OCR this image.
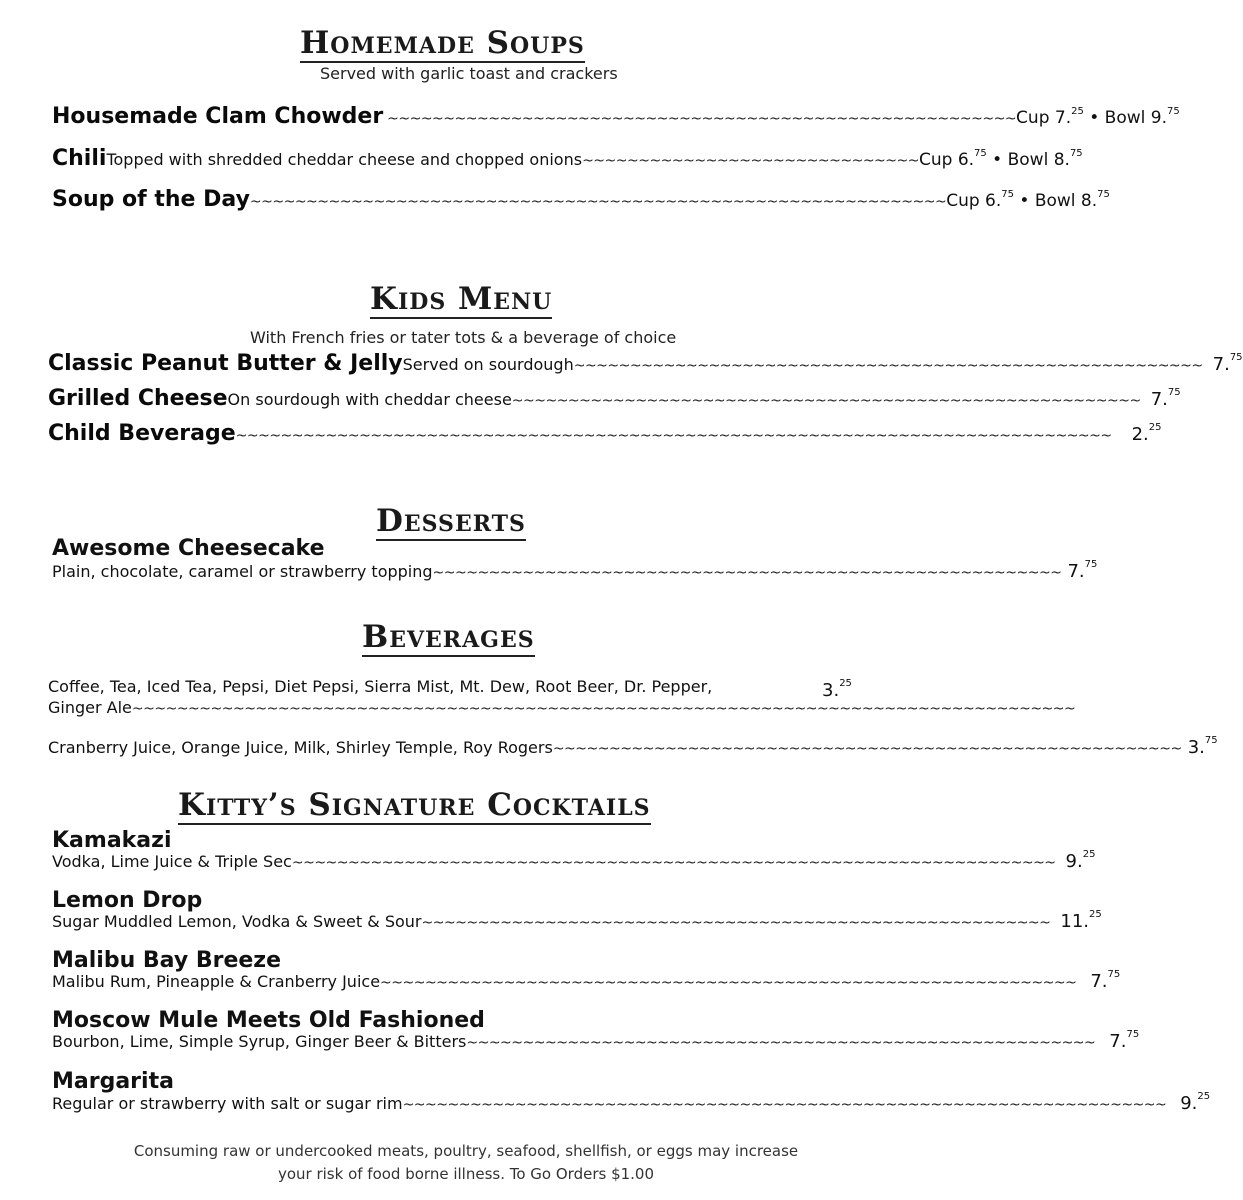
Homemade Soups
Served with garlic toast and crackers
Housemade Clam Chowder ~~~~~~~~~~~~~~~~~~~~~~~~~~~~~~~~~~~~~~~~~~~~~~~~~~~~~~~~ Cup 7.25 • Bowl 9.75
Chili Topped with shredded cheddar cheese and chopped onions ~~~~~~~~~~~~~~~~~~~~~~~~~~~~~~ Cup 6.75 • Bowl 8.75
Soup of the Day ~~~~~~~~~~~~~~~~~~~~~~~~~~~~~~~~~~~~~~~~~~~~~~~~~~~~~~~~~~~~~~ Cup 6.75 • Bowl 8.75
Kids Menu
With French fries or tater tots & a beverage of choice
Classic Peanut Butter & Jelly Served on sourdough ~~~~~~~~~~~~~~~~~~~~~~~~~~~~~~~~~~~~~~~~~~~~~~~~~~~~~~~~ 7.75
Grilled Cheese On sourdough with cheddar cheese ~~~~~~~~~~~~~~~~~~~~~~~~~~~~~~~~~~~~~~~~~~~~~~~~~~~~~~~~ 7.75
Child Beverage ~~~~~~~~~~~~~~~~~~~~~~~~~~~~~~~~~~~~~~~~~~~~~~~~~~~~~~~~~~~~~~~~~~~~~~~~~~~~~~ 2.25
Desserts
Awesome Cheesecake
Plain, chocolate, caramel or strawberry topping ~~~~~~~~~~~~~~~~~~~~~~~~~~~~~~~~~~~~~~~~~~~~~~~~~~~~~~~~ 7.75
Beverages
Coffee, Tea, Iced Tea, Pepsi, Diet Pepsi, Sierra Mist, Mt. Dew, Root Beer, Dr. Pepper,
Ginger Ale ~~~~~~~~~~~~~~~~~~~~~~~~~~~~~~~~~~~~~~~~~~~~~~~~~~~~~~~~~~~~~~~~~~~~~~~~~~~~~~~~~~~~
3.25
Cranberry Juice, Orange Juice, Milk, Shirley Temple, Roy Rogers ~~~~~~~~~~~~~~~~~~~~~~~~~~~~~~~~~~~~~~~~~~~~~~~~~~~~~~~~ 3.75
Kitty’s Signature Cocktails
Kamakazi
Vodka, Lime Juice & Triple Sec ~~~~~~~~~~~~~~~~~~~~~~~~~~~~~~~~~~~~~~~~~~~~~~~~~~~~~~~~~~~~~~~~~~~~ 9.25
Lemon Drop
Sugar Muddled Lemon, Vodka & Sweet & Sour ~~~~~~~~~~~~~~~~~~~~~~~~~~~~~~~~~~~~~~~~~~~~~~~~~~~~~~~~ 11.25
Malibu Bay Breeze
Malibu Rum, Pineapple & Cranberry Juice ~~~~~~~~~~~~~~~~~~~~~~~~~~~~~~~~~~~~~~~~~~~~~~~~~~~~~~~~~~~~~~ 7.75
Moscow Mule Meets Old Fashioned
Bourbon, Lime, Simple Syrup, Ginger Beer & Bitters ~~~~~~~~~~~~~~~~~~~~~~~~~~~~~~~~~~~~~~~~~~~~~~~~~~~~~~~~ 7.75
Margarita
Regular or strawberry with salt or sugar rim ~~~~~~~~~~~~~~~~~~~~~~~~~~~~~~~~~~~~~~~~~~~~~~~~~~~~~~~~~~~~~~~~~~~~ 9.25
Consuming raw or undercooked meats, poultry, seafood, shellfish, or eggs may increase
your risk of food borne illness. To Go Orders $1.00
